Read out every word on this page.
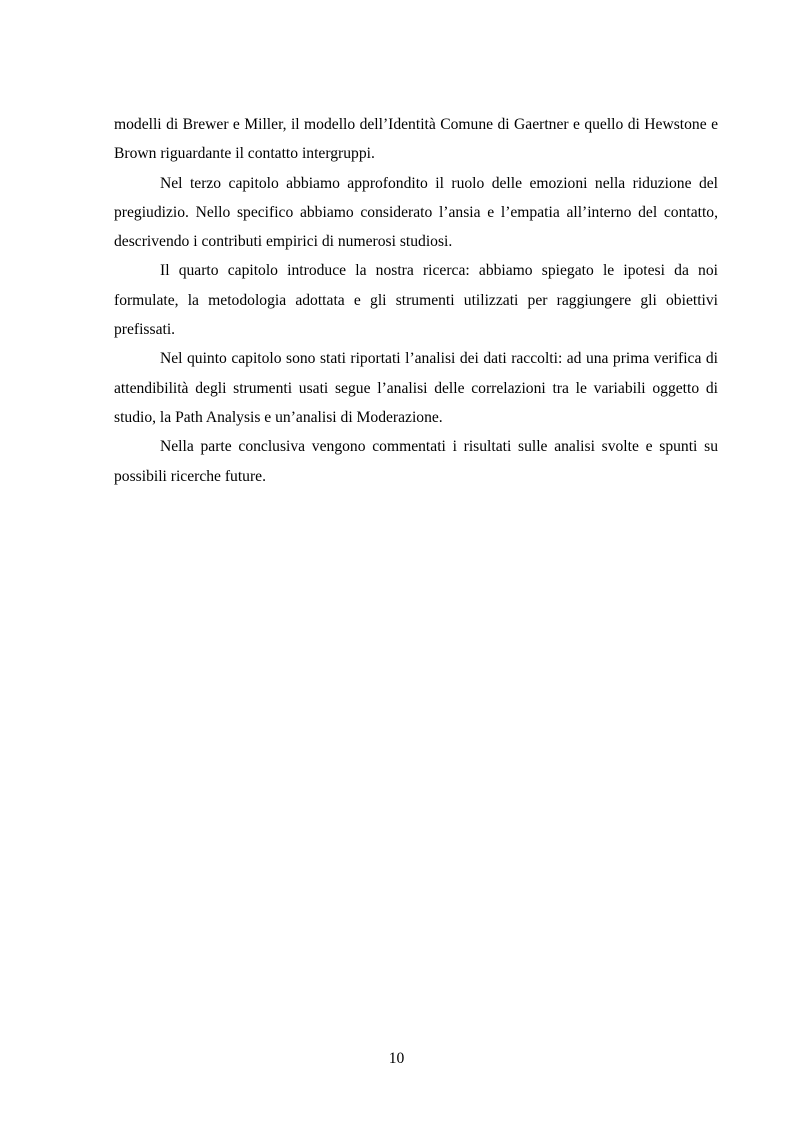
modelli di Brewer e Miller, il modello dell’Identità Comune di Gaertner e quello di Hewstone e Brown riguardante il contatto intergruppi.

Nel terzo capitolo abbiamo approfondito il ruolo delle emozioni nella riduzione del pregiudizio. Nello specifico abbiamo considerato l’ansia e l’empatia all’interno del contatto, descrivendo i contributi empirici di numerosi studiosi.

Il quarto capitolo introduce la nostra ricerca: abbiamo spiegato le ipotesi da noi formulate, la metodologia adottata e gli strumenti utilizzati per raggiungere gli obiettivi prefissati.

Nel quinto capitolo sono stati riportati l’analisi dei dati raccolti: ad una prima verifica di attendibilità degli strumenti usati segue l’analisi delle correlazioni tra le variabili oggetto di studio, la Path Analysis e un’analisi di Moderazione.

Nella parte conclusiva vengono commentati i risultati sulle analisi svolte e spunti su possibili ricerche future.

10
